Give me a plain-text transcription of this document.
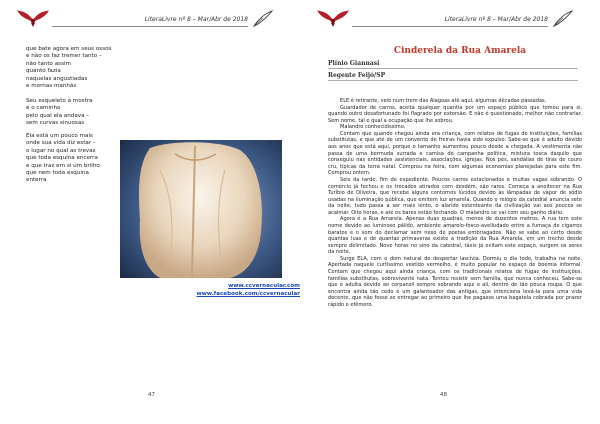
LiteraLivre nº 8 – Mar/Abr de 2018
que bate agora em seus ossos
e não os faz tremer tanto –
não tanto assim
quanto fazia
naquelas angustiadas
e mornas manhãs
Seu esqueleto à mostra
é o caminho
pelo qual ela andava –
sem curvas sinuosas
Ela está um pouco mais
onde sua vida diz estar –
o lugar no qual as trevas
que toda esquina encerra
e que traz em si um brilho
que nem toda esquina
enterra
www.ccvernacular.com
www.facebook.com/ccvernacular
47
LiteraLivre nº 8 – Mar/Abr de 2018
Cinderela da Rua Amarela
Plínio Giannasi
Regente Feijó/SP

ELE é retirante, veio num trem das Alagoas até aqui, algumas décadas passadas.

Guardador de carros, aceita qualquer quantia por um espaço público que tomou para si, quando outro desafortunado foi flagrado por extorsão. E não é questionado, melhor não contrariar. Sem nome, tal e qual a ocupação que lhe sobrou.

Malandro conhecidíssimo.

Contam que quando chegou ainda era criança, com relatos de fugas de instituições, famílias substitutas, e que até de um convento de freiras havia sido expulso. Sabe-se que é adulto devido aos anos que está aqui, porque o tamanho aumentou pouco desde a chegada. A vestimenta não passa de uma bermuda surrada e camisa de campanha política, mistura tosca daquilo que conseguiu nas entidades assistenciais, associações, igrejas. Nos pés, sandálias de tiras de couro cru, típicas da terra natal. Comprou na feira, com algumas economias planejadas para este fim. Comprou ontem.

Seis da tarde, fim de expediente. Poucos carros estacionados e muitas vagas sobrando. O comércio já fechou e os trocados atirados com desdém, são raros. Começa a anoitecer na Rua Turíbio de Oliveira, que recebe alguns contornos lúcidos devido às lâmpadas de vapor de sódio usadas na iluminação pública, que emitem luz amarela. Quando o relógio da catedral anuncia sete da noite, tudo passa a ser mais lento, o alarido estonteante da civilização vai aos poucos se acalmar. Oito horas, e até os bares estão fechando. O malandro se vai com seu ganho diário.

Agora é a Rua Amarela. Apenas duas quadras, menos de duzentos metros. A rua tem este nome devido ao luminoso pálido, ambiente amarelo-fosco-avelludado entre a fumaça de cigarros baratos e o som do declamar sem nexo de poetas embriagados. Não se sabe ao certo desde quantas luas e de quantas primaveras existe a tradição da Rua Amarela, em um trecho desde sempre delimitado. Nove horas no sino da catedral, táxis já evitam este espaço, surgem os seres da noite.

Surge ELA, com o dom natural de despertar lascívia. Dormiu o dia todo, trabalha na noite. Apertada naquele curtíssimo vestido vermelho, é muito popular no espaço de boemia informal. Contam que chegou aqui ainda criança, com os tradicionais relatos de fugas de instituições, famílias substitutas, sobrevivente nata. Tentou resistir sem família, que nunca conheceu. Sabe-se que é adulta devido ao corpanzil sempre sobrando aqui e ali, dentro de tão pouca roupa. O que encontra ainda tão cedo é um galanteador das antigas, que intenciona levá-la para uma vida decente, que não fosse se entregar ao primeiro que lhe pagasse uma bagatela cobrada por prazer rápido e efêmero.

48
